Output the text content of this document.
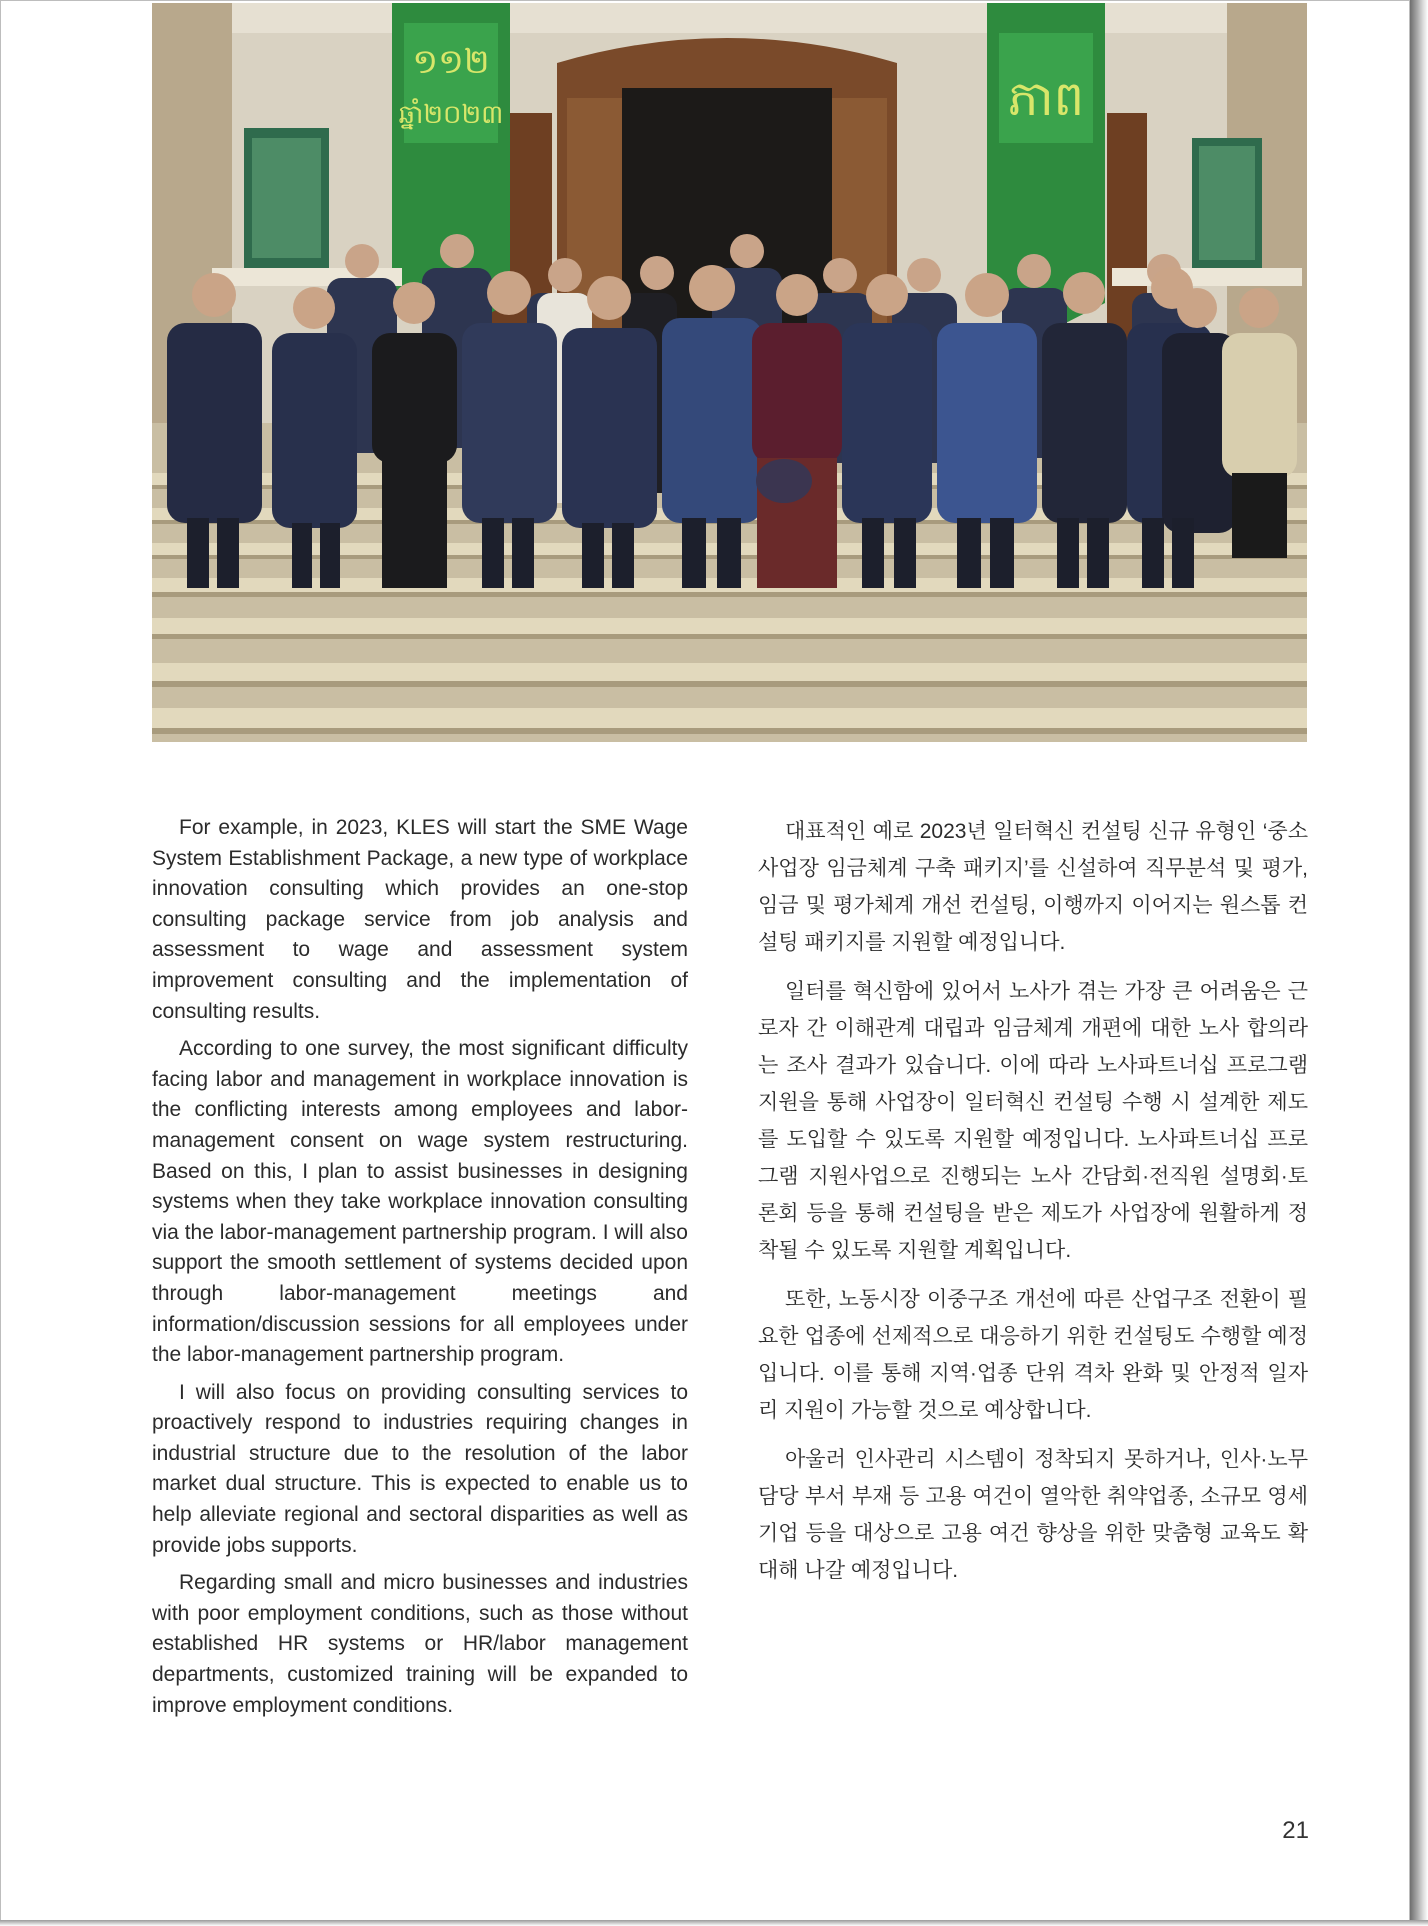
១១២
ឆ្នាំ២០២៣	ភាព

For example, in 2023, KLES will start the SME Wage System Establishment Package, a new type of workplace innovation consulting which provides an one-stop consulting package service from job analysis and assessment to wage and assessment system improvement consulting and the implementation of consulting results.

According to one survey, the most significant difficulty facing labor and management in workplace innovation is the conflicting interests among employees and labor-management consent on wage system restructuring. Based on this, I plan to assist businesses in designing systems when they take workplace innovation consulting via the labor-management partnership program. I will also support the smooth settlement of systems decided upon through labor-management meetings and information/discussion sessions for all employees under the labor-management partnership program.

I will also focus on providing consulting services to proactively respond to industries requiring changes in industrial structure due to the resolution of the labor market dual structure. This is expected to enable us to help alleviate regional and sectoral disparities as well as provide jobs supports.

Regarding small and micro businesses and industries with poor employment conditions, such as those without established HR systems or HR/labor management departments, customized training will be expanded to improve employment conditions.

대표적인 예로 2023년 일터혁신 컨설팅 신규 유형인 ‘중소사업장 임금체계 구축 패키지’를 신설하여 직무분석 및 평가, 임금 및 평가체계 개선 컨설팅, 이행까지 이어지는 원스톱 컨설팅 패키지를 지원할 예정입니다.

일터를 혁신함에 있어서 노사가 겪는 가장 큰 어려움은 근로자 간 이해관계 대립과 임금체계 개편에 대한 노사 합의라는 조사 결과가 있습니다. 이에 따라 노사파트너십 프로그램 지원을 통해 사업장이 일터혁신 컨설팅 수행 시 설계한 제도를 도입할 수 있도록 지원할 예정입니다. 노사파트너십 프로그램 지원사업으로 진행되는 노사 간담회·전직원 설명회·토론회 등을 통해 컨설팅을 받은 제도가 사업장에 원활하게 정착될 수 있도록 지원할 계획입니다.

또한, 노동시장 이중구조 개선에 따른 산업구조 전환이 필요한 업종에 선제적으로 대응하기 위한 컨설팅도 수행할 예정입니다. 이를 통해 지역·업종 단위 격차 완화 및 안정적 일자리 지원이 가능할 것으로 예상합니다.

아울러 인사관리 시스템이 정착되지 못하거나, 인사·노무 담당 부서 부재 등 고용 여건이 열악한 취약업종, 소규모 영세기업 등을 대상으로 고용 여건 향상을 위한 맞춤형 교육도 확대해 나갈 예정입니다.

21
